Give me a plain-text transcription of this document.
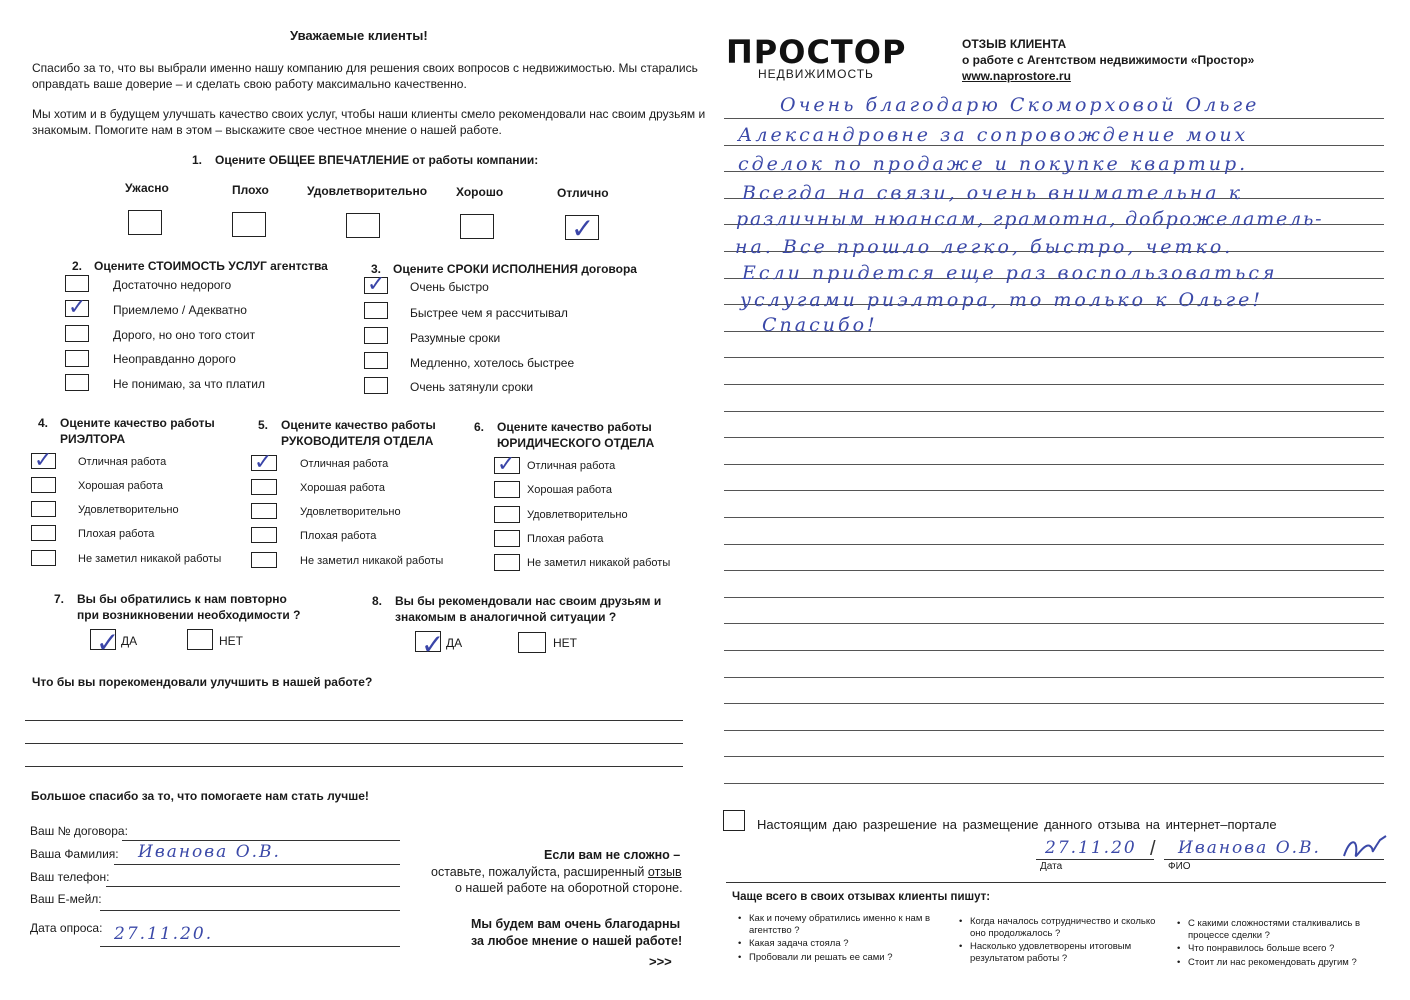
Уважаемые клиенты!
Спасибо за то, что вы выбрали именно нашу компанию для решения своих вопросов с недвижимостью. Мы старались
оправдать ваше доверие – и сделать свою работу максимально качественно.
Мы хотим и в будущем улучшать качество своих услуг, чтобы наши клиенты смело рекомендовали нас своим друзьям и
знакомым. Помогите нам в этом – выскажите свое честное мнение о нашей работе.
1. Оцените ОБЩЕЕ ВПЕЧАТЛЕНИЕ от работы компании:
Ужасно	Плохо	Удовлетворительно Хорошо	Отлично
✓
2. Оцените СТОИМОСТЬ УСЛУГ агентства
✓
Достаточно недорого
Приемлемо / Адекватно
Дорого, но оно того стоит
Неоправданно дорого
Не понимаю, за что платил
3. Оцените СРОКИ ИСПОЛНЕНИЯ договора
✓
Очень быстро
Быстрее чем я рассчитывал
Разумные сроки
Медленно, хотелось быстрее
Очень затянули сроки
4. Оцените качество работы
РИЭЛТОРА
5. Оцените качество работы
РУКОВОДИТЕЛЯ ОТДЕЛА
6. Оцените качество работы
ЮРИДИЧЕСКОГО ОТДЕЛА
✓
Отличная работа
Хорошая работа
Удовлетворительно
Плохая работа
Не заметил никакой работы
✓
Отличная работа
Хорошая работа
Удовлетворительно
Плохая работа
Не заметил никакой работы
✓
Отличная работа
Хорошая работа
Удовлетворительно
Плохая работа
Не заметил никакой работы
7. Вы бы обратились к нам повторно
при возникновении необходимости ?
✓
ДА	НЕТ
8. Вы бы рекомендовали нас своим друзьям и
знакомым в аналогичной ситуации ?
✓
ДА	НЕТ
Что бы вы порекомендовали улучшить в нашей работе?
Большое спасибо за то, что помогаете нам стать лучше!
Ваш № договора:
Ваша Фамилия: Иванова О.В.
Ваш телефон:
Ваш Е-мейл:
Дата опроса: 27.11.20.
Если вам не сложно –
оставьте, пожалуйста, расширенный отзыв
о нашей работе на оборотной стороне.
Мы будем вам очень благодарны
за любое мнение о нашей работе!
>>>
ПРОСТОР
НЕДВИЖИМОСТЬ
ОТЗЫВ КЛИЕНТА
о работе с Агентством недвижимости «Простор»
www.naprostore.ru
Очень благодарю Скоморховой Ольге
Александровне за сопровождение моих
сделок по продаже и покупке квартир.
Всегда на связи, очень внимательна к
различным нюансам, грамотна, доброжелатель-
на. Все прошло легко, быстро, четко.
Если придется еще раз воспользоваться
услугами риэлтора, то только к Ольге!
Спасибо!
Настоящим даю разрешение на размещение данного отзыва на интернет–портале
27.11.20 / Иванова О.В.
Дата	ФИО
Чаще всего в своих отзывах клиенты пишут:
• Как и почему обратились именно к нам в агентство ?
• Какая задача стояла ?
• Пробовали ли решать ее сами ?
• Когда началось сотрудничество и сколько оно продолжалось ?
• Насколько удовлетворены итоговым результатом работы ?
• С какими сложностями сталкивались в процессе сделки ?
• Что понравилось больше всего ?
• Стоит ли нас рекомендовать другим ?
